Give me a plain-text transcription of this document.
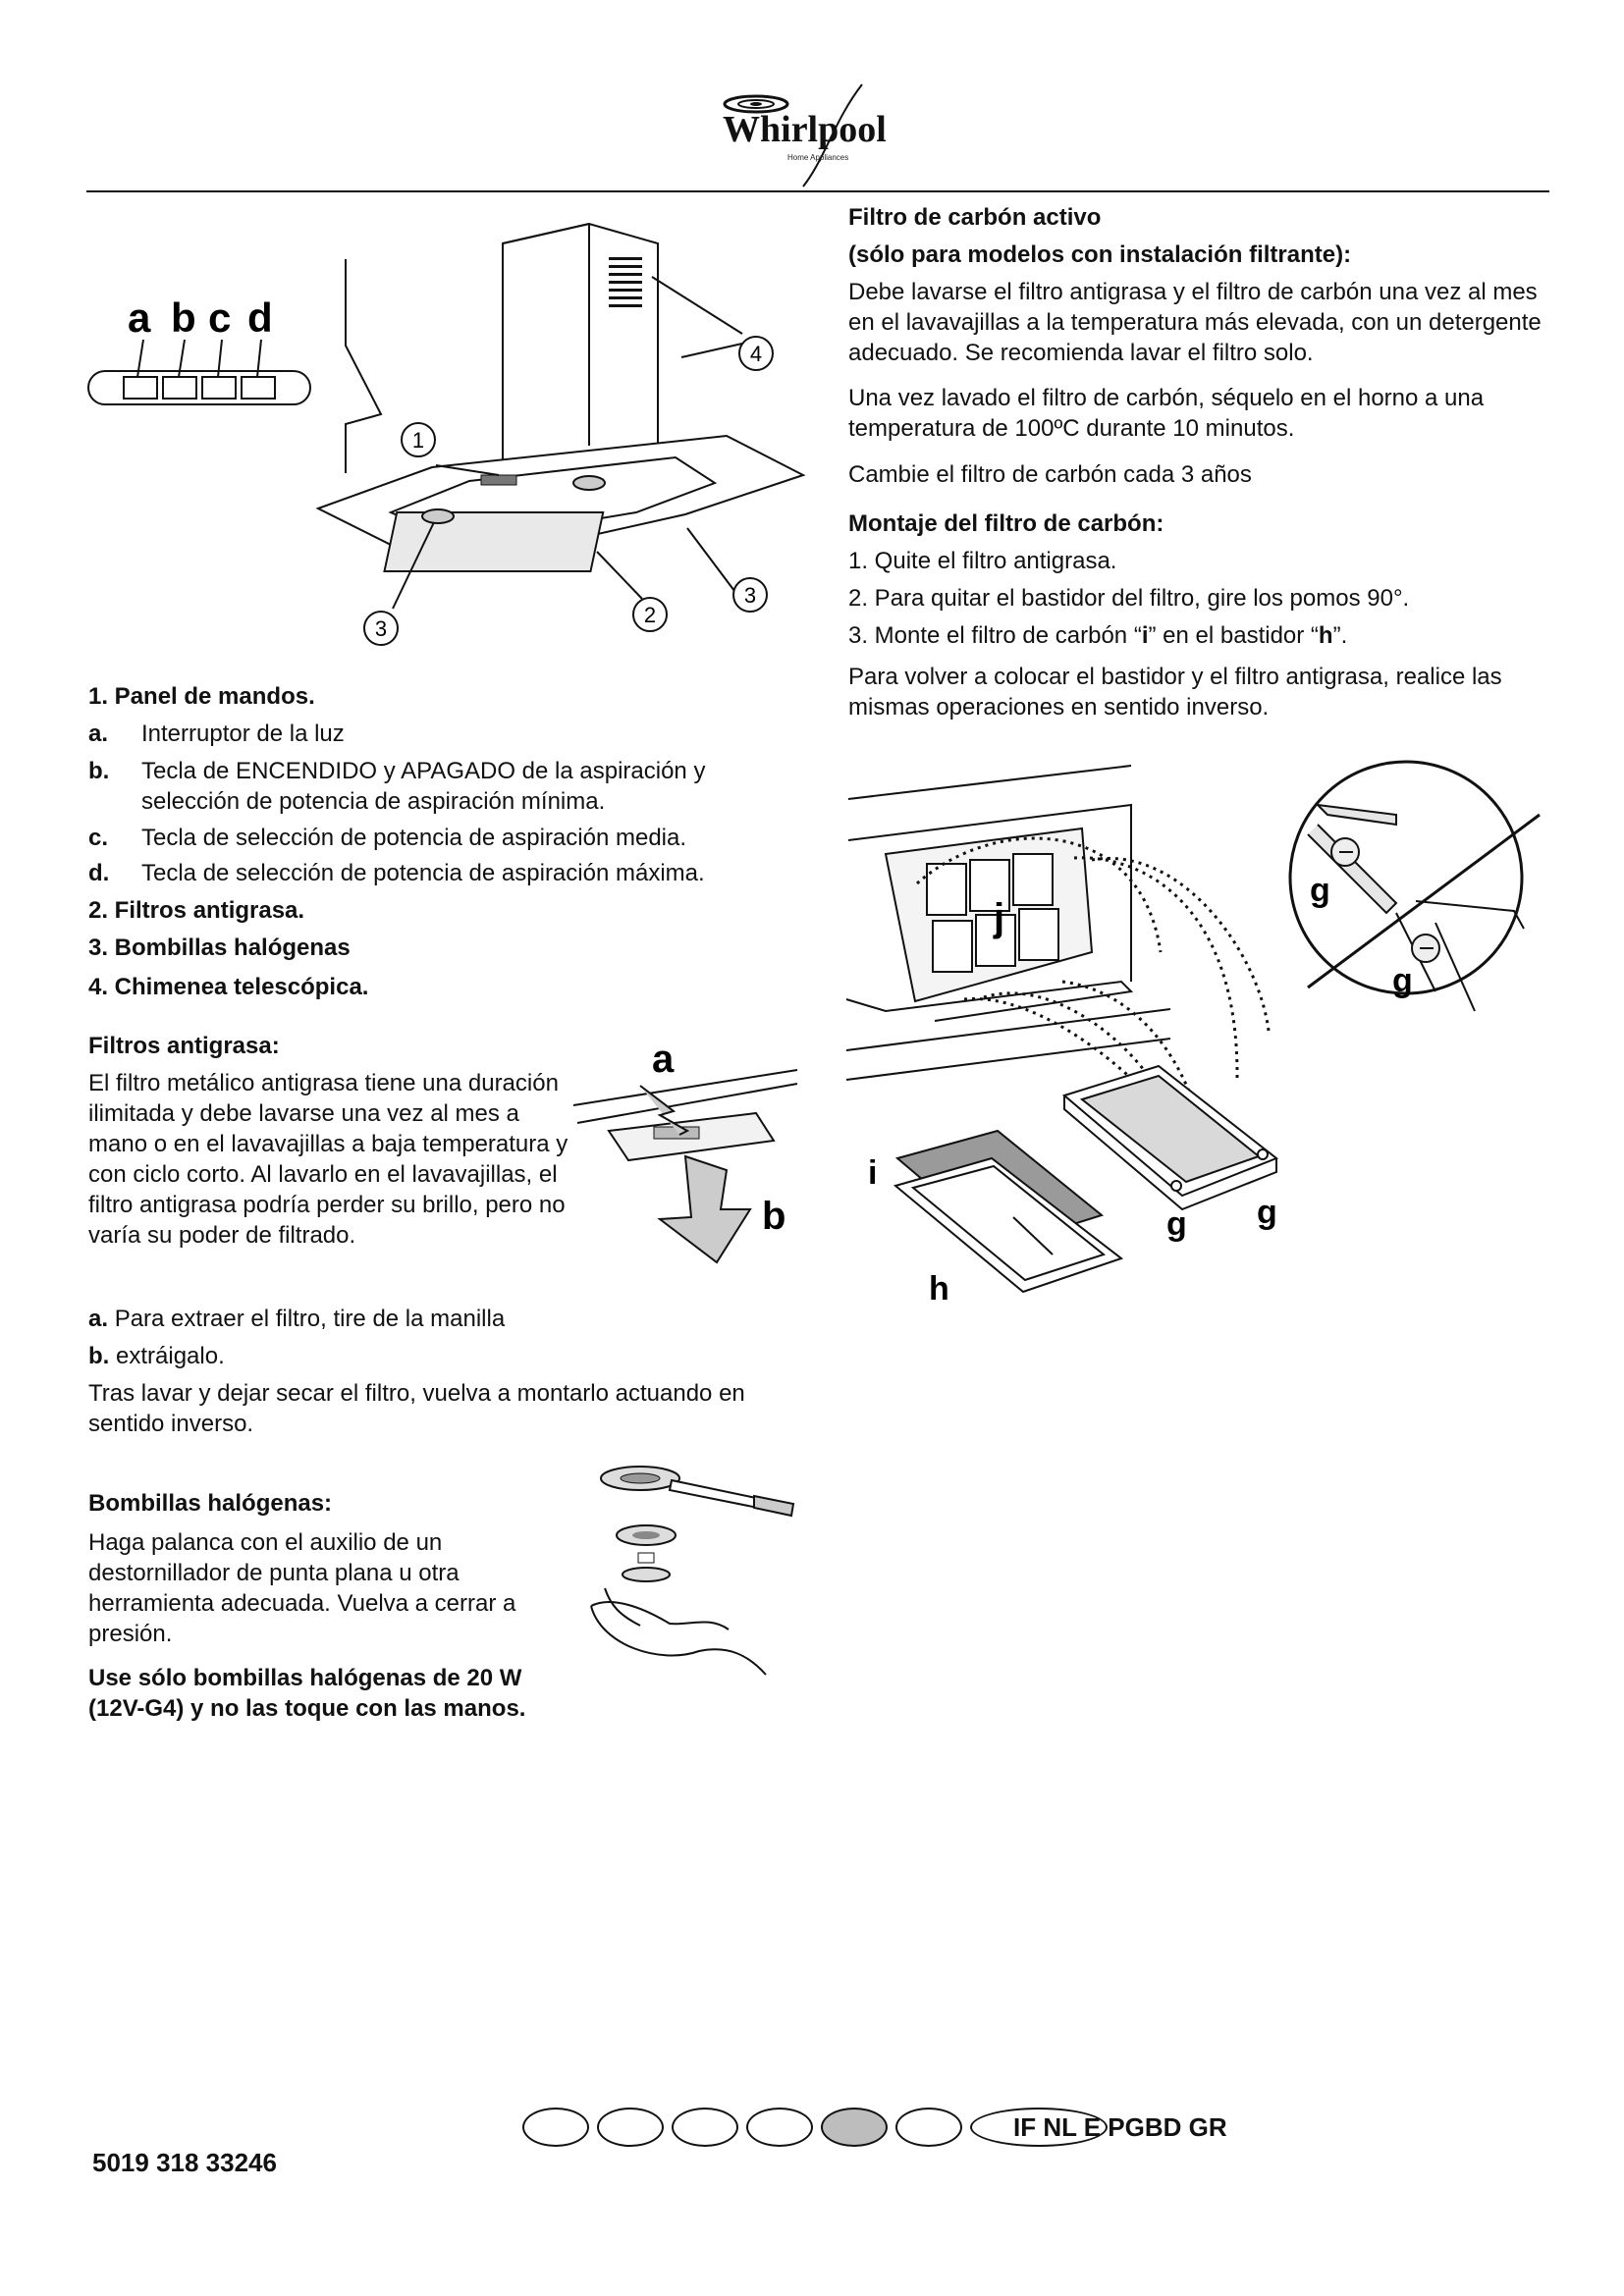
Whirlpool
Home Appliances
a b c d
1
4
3
2
3
1. Panel de mandos.
a. Interruptor de la luz
b. Tecla de ENCENDIDO y APAGADO de la aspiración y selección de potencia de aspiración mínima.
c. Tecla de selección de potencia de aspiración media.
d. Tecla de selección de potencia de aspiración máxima.
2. Filtros antigrasa.
3. Bombillas halógenas
4. Chimenea telescópica.
Filtros antigrasa:
El filtro metálico antigrasa tiene una duración ilimitada y debe lavarse una vez al mes a mano o en el lavavajillas a baja temperatura y con ciclo corto. Al lavarlo en el lavavajillas, el filtro antigrasa podría perder su brillo, pero no varía su poder de filtrado.
a. Para extraer el filtro, tire de la manilla
b. extráigalo.
Tras lavar y dejar secar el filtro, vuelva a montarlo actuando en sentido inverso.
a
b
Bombillas halógenas:
Haga palanca con el auxilio de un destornillador de punta plana u otra herramienta adecuada. Vuelva a cerrar a presión.
Use sólo bombillas halógenas de 20 W (12V-G4) y no las toque con las manos.
Filtro de carbón activo
(sólo para modelos con instalación filtrante):
Debe lavarse el filtro antigrasa y el filtro de carbón una vez al mes en el lavavajillas a la temperatura más elevada, con un detergente adecuado. Se recomienda lavar el filtro solo.
Una vez lavado el filtro de carbón, séquelo en el horno a una temperatura de 100ºC durante 10 minutos.
Cambie el filtro de carbón cada 3 años
Montaje del filtro de carbón:
1. Quite el filtro antigrasa.
2. Para quitar el bastidor del filtro, gire los pomos 90°.
3. Monte el filtro de carbón “i” en el bastidor “h”.
Para volver a colocar el bastidor y el filtro antigrasa, realice las mismas operaciones en sentido inverso.
j
g
g
g g
i
h
5019 318 33246
IF NL E PGBD GR
